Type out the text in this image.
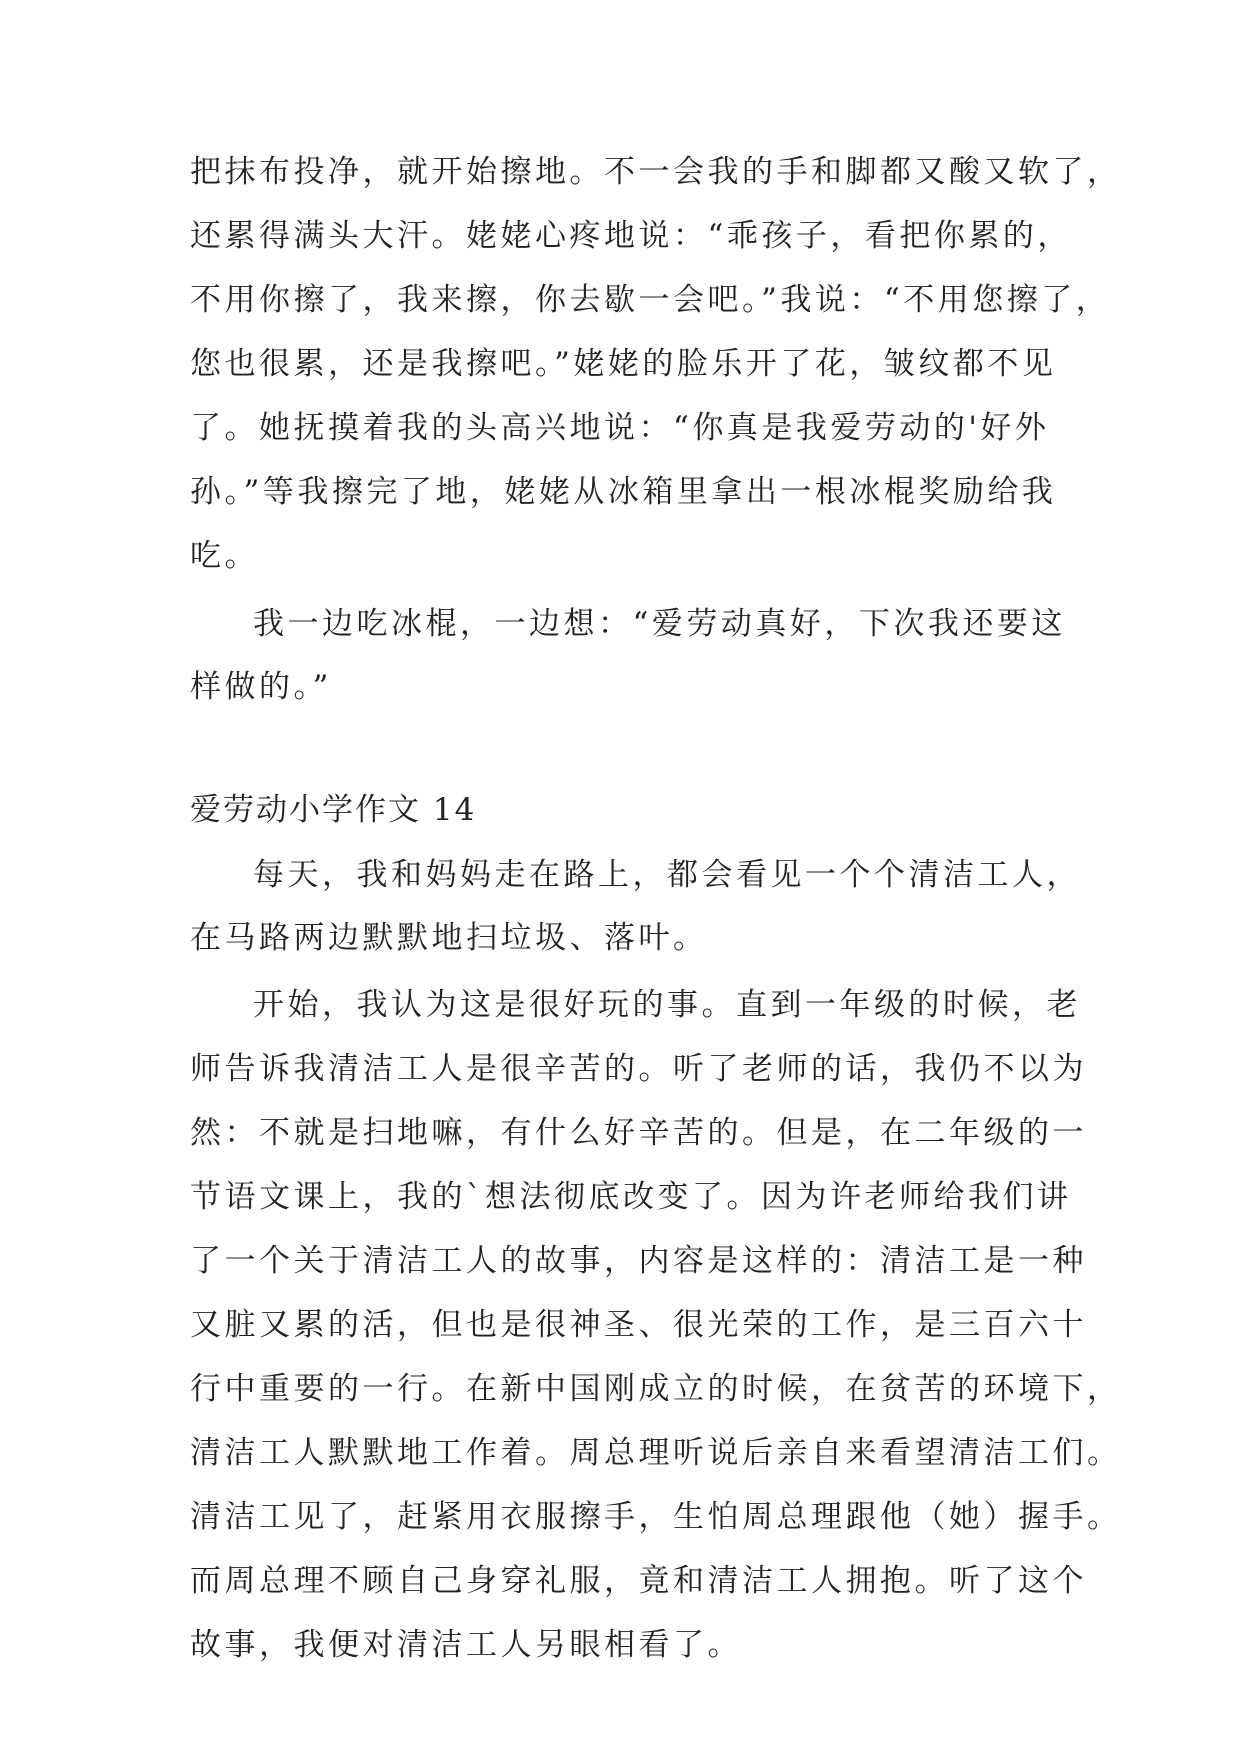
把抹布投净，就开始擦地。不一会我的手和脚都又酸又软了，
还累得满头大汗。姥姥心疼地说：“乖孩子，看把你累的，
不用你擦了，我来擦，你去歇一会吧。”我说：“不用您擦了，
您也很累，还是我擦吧。”姥姥的脸乐开了花，皱纹都不见
了。她抚摸着我的头高兴地说：“你真是我爱劳动的'好外
孙。”等我擦完了地，姥姥从冰箱里拿出一根冰棍奖励给我
吃。
我一边吃冰棍，一边想：“爱劳动真好，下次我还要这
样做的。”
爱劳动小学作文 14
每天，我和妈妈走在路上，都会看见一个个清洁工人，
在马路两边默默地扫垃圾、落叶。
开始，我认为这是很好玩的事。直到一年级的时候，老
师告诉我清洁工人是很辛苦的。听了老师的话，我仍不以为
然：不就是扫地嘛，有什么好辛苦的。但是，在二年级的一
节语文课上，我的`想法彻底改变了。因为许老师给我们讲
了一个关于清洁工人的故事，内容是这样的：清洁工是一种
又脏又累的活，但也是很神圣、很光荣的工作，是三百六十
行中重要的一行。在新中国刚成立的时候，在贫苦的环境下，
清洁工人默默地工作着。周总理听说后亲自来看望清洁工们。
清洁工见了，赶紧用衣服擦手，生怕周总理跟他（她）握手。
而周总理不顾自己身穿礼服，竟和清洁工人拥抱。听了这个
故事，我便对清洁工人另眼相看了。
